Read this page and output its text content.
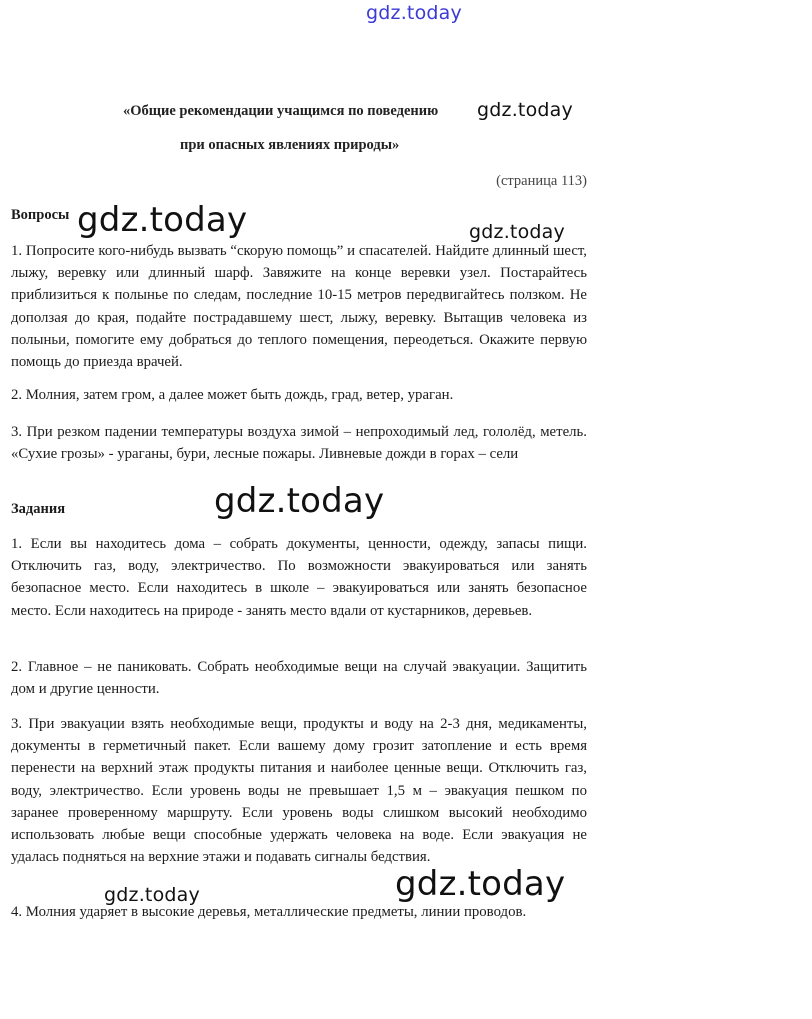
gdz.today
«Общие рекомендации учащимся по поведению
при опасных явлениях природы»
(страница 113)
Вопросы

1. Попросите кого-нибудь вызвать “скорую помощь” и спасателей. Найдите длинный шест, лыжу, веревку или длинный шарф. Завяжите на конце веревки узел. Постарайтесь приблизиться к полынье по следам, последние 10-15 метров передвигайтесь ползком. Не доползая до края, подайте пострадавшему шест, лыжу, веревку. Вытащив человека из полыньи, помогите ему добраться до теплого помещения, переодеться. Окажите первую помощь до приезда врачей.

2. Молния, затем гром, а далее может быть дождь, град, ветер, ураган.

3. При резком падении температуры воздуха зимой – непроходимый лед, гололёд, метель. «Сухие грозы» - ураганы, бури, лесные пожары. Ливневые дожди в горах – сели

Задания

1. Если вы находитесь дома – собрать документы, ценности, одежду, запасы пищи. Отключить газ, воду, электричество. По возможности эвакуироваться или занять безопасное место. Если находитесь в школе – эвакуироваться или занять безопасное место. Если находитесь на природе - занять место вдали от кустарников, деревьев.

2. Главное – не паниковать. Собрать необходимые вещи на случай эвакуации. Защитить дом и другие ценности.

3. При эвакуации взять необходимые вещи, продукты и воду на 2-3 дня, медикаменты, документы в герметичный пакет. Если вашему дому грозит затопление и есть время перенести на верхний этаж продукты питания и наиболее ценные вещи. Отключить газ, воду, электричество. Если уровень воды не превышает 1,5 м – эвакуация пешком по заранее проверенному маршруту. Если уровень воды слишком высокий необходимо использовать любые вещи способные удержать человека на воде. Если эвакуация не удалась подняться на верхние этажи и подавать сигналы бедствия.

4. Молния ударяет в высокие деревья, металлические предметы, линии проводов.

gdz.today
gdz.today	gdz.today
gdz.today
gdz.today
gdz.today
